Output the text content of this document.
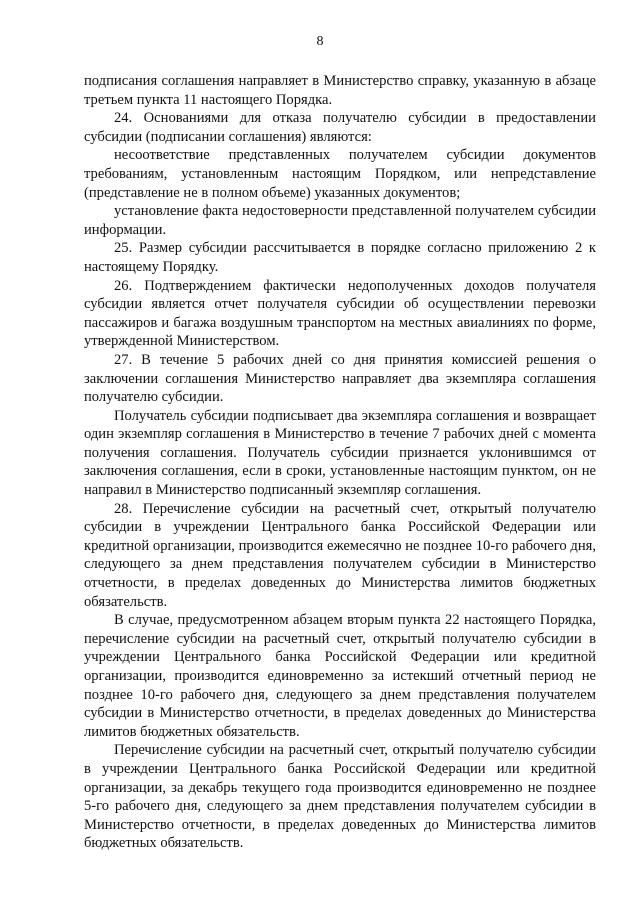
8

подписания соглашения направляет в Министерство справку, указанную в абзаце третьем пункта 11 настоящего Порядка.

24. Основаниями для отказа получателю субсидии в предоставлении субсидии (подписании соглашения) являются:

несоответствие представленных получателем субсидии документов требованиям, установленным настоящим Порядком, или непредставление (представление не в полном объеме) указанных документов;

установление факта недостоверности представленной получателем субсидии информации.

25. Размер субсидии рассчитывается в порядке согласно приложению 2 к настоящему Порядку.

26. Подтверждением фактически недополученных доходов получателя субсидии является отчет получателя субсидии об осуществлении перевозки пассажиров и багажа воздушным транспортом на местных авиалиниях по форме, утвержденной Министерством.

27. В течение 5 рабочих дней со дня принятия комиссией решения о заключении соглашения Министерство направляет два экземпляра соглашения получателю субсидии.

Получатель субсидии подписывает два экземпляра соглашения и возвращает один экземпляр соглашения в Министерство в течение 7 рабочих дней с момента получения соглашения. Получатель субсидии признается уклонившимся от заключения соглашения, если в сроки, установленные настоящим пунктом, он не направил в Министерство подписанный экземпляр соглашения.

28. Перечисление субсидии на расчетный счет, открытый получателю субсидии в учреждении Центрального банка Российской Федерации или кредитной организации, производится ежемесячно не позднее 10-го рабочего дня, следующего за днем представления получателем субсидии в Министерство отчетности, в пределах доведенных до Министерства лимитов бюджетных обязательств.

В случае, предусмотренном абзацем вторым пункта 22 настоящего Порядка, перечисление субсидии на расчетный счет, открытый получателю субсидии в учреждении Центрального банка Российской Федерации или кредитной организации, производится единовременно за истекший отчетный период не позднее 10-го рабочего дня, следующего за днем представления получателем субсидии в Министерство отчетности, в пределах доведенных до Министерства лимитов бюджетных обязательств.

Перечисление субсидии на расчетный счет, открытый получателю субсидии в учреждении Центрального банка Российской Федерации или кредитной организации, за декабрь текущего года производится единовременно не позднее 5-го рабочего дня, следующего за днем представления получателем субсидии в Министерство отчетности, в пределах доведенных до Министерства лимитов бюджетных обязательств.
